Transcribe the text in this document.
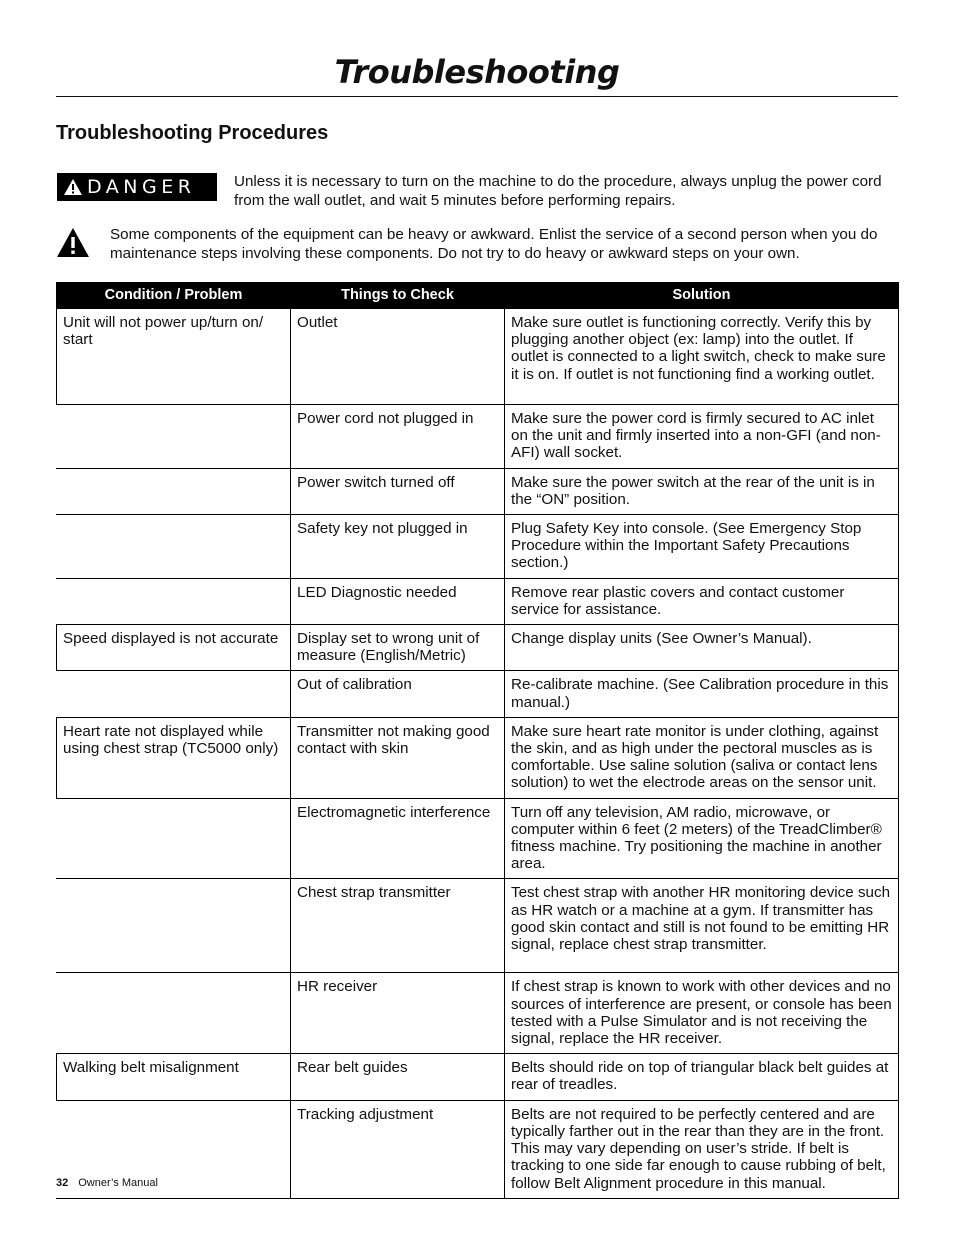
Troubleshooting
Troubleshooting Procedures
DANGER	Unless it is necessary to turn on the machine to do the procedure, always unplug the power cord from the wall outlet, and wait 5 minutes before performing repairs.

Some components of the equipment can be heavy or awkward. Enlist the service of a second person when you do maintenance steps involving these components. Do not try to do heavy or awkward steps on your own.

Condition / Problem	Things to Check	Solution
Unit will not power up/turn on/ start	Outlet	Make sure outlet is functioning correctly. Verify this by plugging another object (ex: lamp) into the outlet. If outlet is connected to a light switch, check to make sure it is on. If outlet is not functioning find a working outlet.
	Power cord not plugged in	Make sure the power cord is firmly secured to AC inlet on the unit and firmly inserted into a non-GFI (and non-AFI) wall socket.
	Power switch turned off	Make sure the power switch at the rear of the unit is in the “ON” position.
	Safety key not plugged in	Plug Safety Key into console. (See Emergency Stop Procedure within the Important Safety Precautions section.)
	LED Diagnostic needed	Remove rear plastic covers and contact customer service for assistance.
Speed displayed is not accurate	Display set to wrong unit of measure (English/Metric)	Change display units (See Owner’s Manual).
	Out of calibration	Re-calibrate machine. (See Calibration procedure in this manual.)
Heart rate not displayed while using chest strap (TC5000 only)	Transmitter not making good contact with skin	Make sure heart rate monitor is under clothing, against the skin, and as high under the pectoral muscles as is comfortable. Use saline solution (saliva or contact lens solution) to wet the electrode areas on the sensor unit.
	Electromagnetic interference	Turn off any television, AM radio, microwave, or computer within 6 feet (2 meters) of the TreadClimber® fitness machine. Try positioning the machine in another area.
	Chest strap transmitter	Test chest strap with another HR monitoring device such as HR watch or a machine at a gym. If transmitter has good skin contact and still is not found to be emitting HR signal, replace chest strap transmitter.
	HR receiver	If chest strap is known to work with other devices and no sources of interference are present, or console has been tested with a Pulse Simulator and is not receiving the signal, replace the HR receiver.
Walking belt misalignment	Rear belt guides	Belts should ride on top of triangular black belt guides at rear of treadles.
	Tracking adjustment	Belts are not required to be perfectly centered and are typically farther out in the rear than they are in the front. This may vary depending on user’s stride. If belt is tracking to one side far enough to cause rubbing of belt, follow Belt Alignment procedure in this manual.
32 Owner’s Manual
